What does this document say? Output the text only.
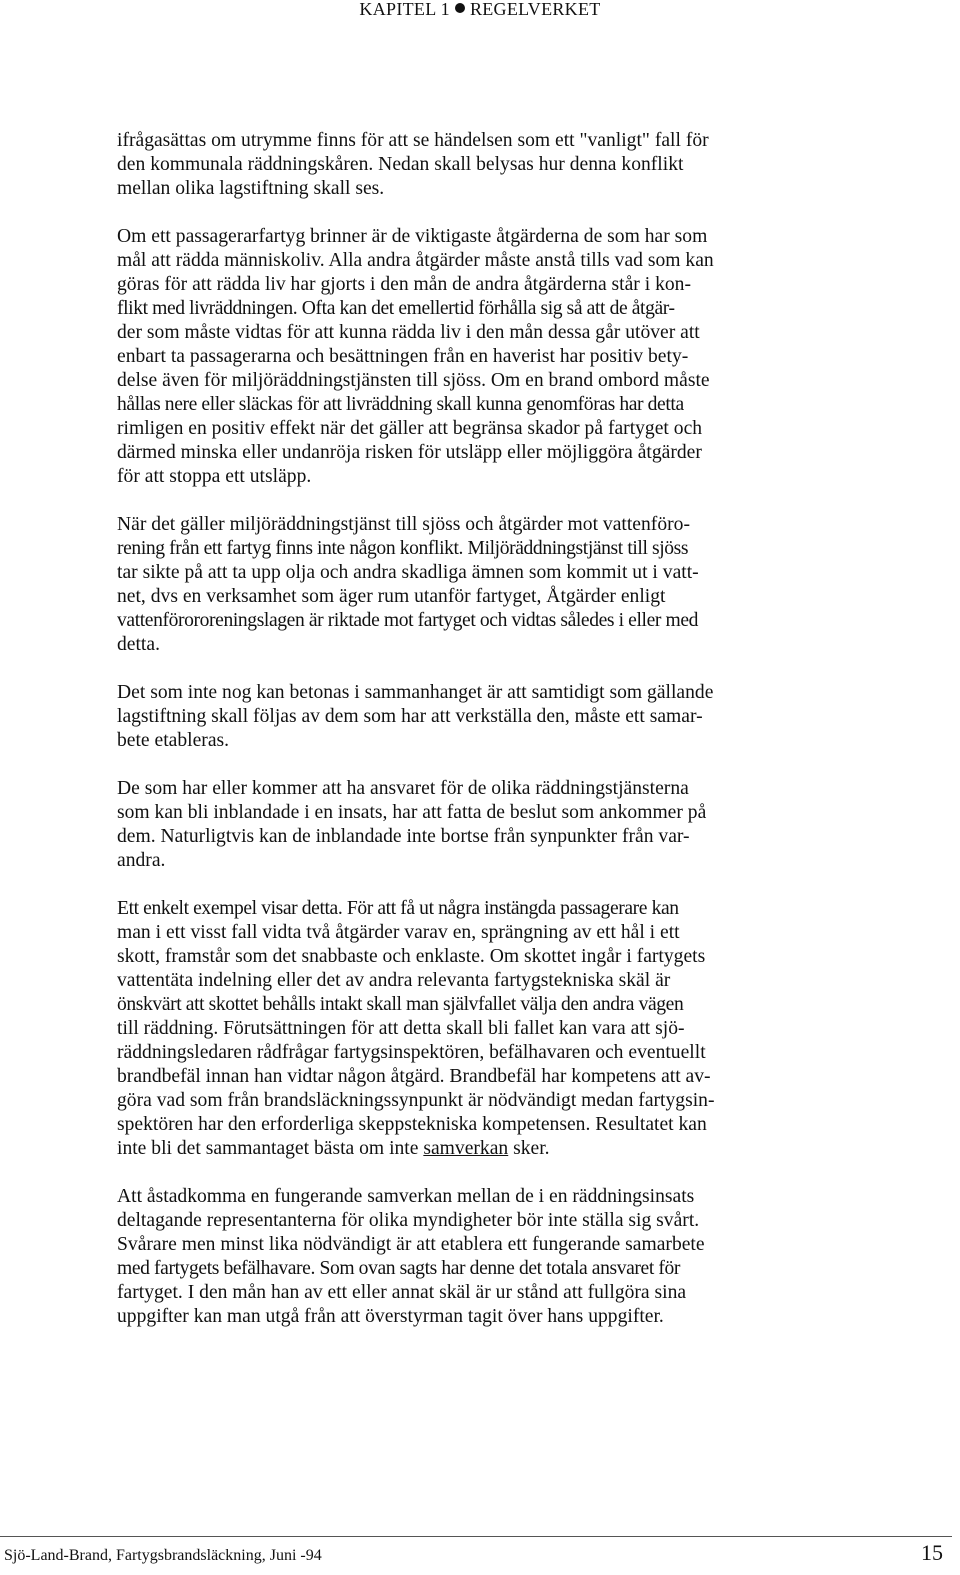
KAPITEL 1 REGELVERKET

ifrågasättas om utrymme finns för att se händelsen som ett "vanligt" fall för
den kommunala räddningskåren. Nedan skall belysas hur denna konflikt
mellan olika lagstiftning skall ses.

Om ett passagerarfartyg brinner är de viktigaste åtgärderna de som har som
mål att rädda människoliv. Alla andra åtgärder måste anstå tills vad som kan
göras för att rädda liv har gjorts i den mån de andra åtgärderna står i kon-
flikt med livräddningen. Ofta kan det emellertid förhålla sig så att de åtgär-
der som måste vidtas för att kunna rädda liv i den mån dessa går utöver att
enbart ta passagerarna och besättningen från en haverist har positiv bety-
delse även för miljöräddningstjänsten till sjöss. Om en brand ombord måste
hållas nere eller släckas för att livräddning skall kunna genomföras har detta
rimligen en positiv effekt när det gäller att begränsa skador på fartyget och
därmed minska eller undanröja risken för utsläpp eller möjliggöra åtgärder
för att stoppa ett utsläpp.

När det gäller miljöräddningstjänst till sjöss och åtgärder mot vattenföro-
rening från ett fartyg finns inte någon konflikt. Miljöräddningstjänst till sjöss
tar sikte på att ta upp olja och andra skadliga ämnen som kommit ut i vatt-
net, dvs en verksamhet som äger rum utanför fartyget, Åtgärder enligt
vattenförororeningslagen är riktade mot fartyget och vidtas således i eller med
detta.

Det som inte nog kan betonas i sammanhanget är att samtidigt som gällande
lagstiftning skall följas av dem som har att verkställa den, måste ett samar-
bete etableras.

De som har eller kommer att ha ansvaret för de olika räddningstjänsterna
som kan bli inblandade i en insats, har att fatta de beslut som ankommer på
dem. Naturligtvis kan de inblandade inte bortse från synpunkter från var-
andra.

Ett enkelt exempel visar detta. För att få ut några instängda passagerare kan
man i ett visst fall vidta två åtgärder varav en, sprängning av ett hål i ett
skott, framstår som det snabbaste och enklaste. Om skottet ingår i fartygets
vattentäta indelning eller det av andra relevanta fartygstekniska skäl är
önskvärt att skottet behålls intakt skall man självfallet välja den andra vägen
till räddning. Förutsättningen för att detta skall bli fallet kan vara att sjö-
räddningsledaren rådfrågar fartygsinspektören, befälhavaren och eventuellt
brandbefäl innan han vidtar någon åtgärd. Brandbefäl har kompetens att av-
göra vad som från brandsläckningssynpunkt är nödvändigt medan fartygsin-
spektören har den erforderliga skeppstekniska kompetensen. Resultatet kan
inte bli det sammantaget bästa om inte samverkan sker.

Att åstadkomma en fungerande samverkan mellan de i en räddningsinsats
deltagande representanterna för olika myndigheter bör inte ställa sig svårt.
Svårare men minst lika nödvändigt är att etablera ett fungerande samarbete
med fartygets befälhavare. Som ovan sagts har denne det totala ansvaret för
fartyget. I den mån han av ett eller annat skäl är ur stånd att fullgöra sina
uppgifter kan man utgå från att överstyrman tagit över hans uppgifter.

Sjö-Land-Brand, Fartygsbrandsläckning, Juni -94	15
